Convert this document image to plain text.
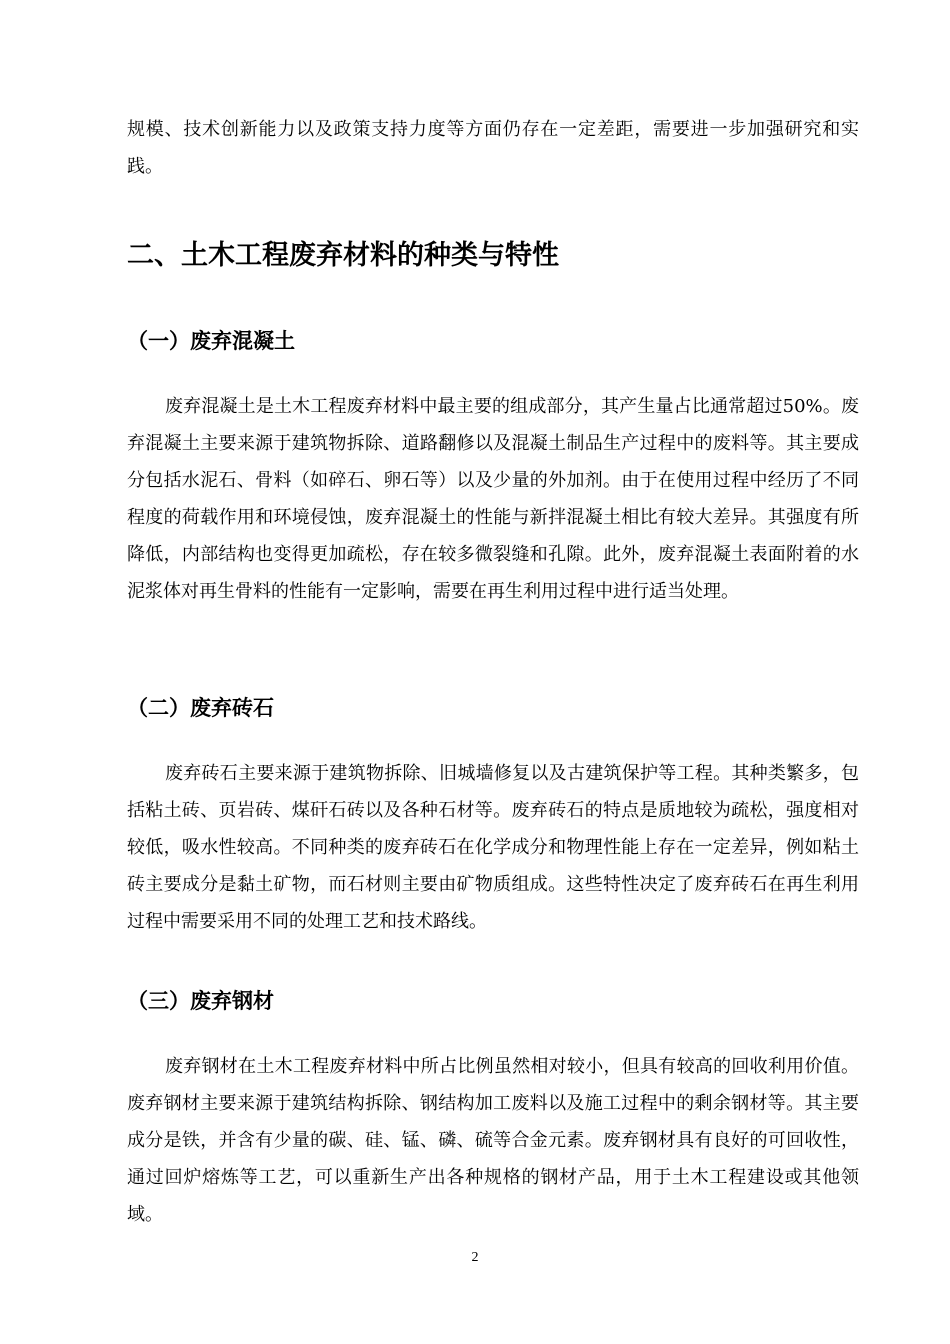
规模、技术创新能力以及政策支持力度等方面仍存在一定差距，需要进一步加强研究和实践。

二、土木工程废弃材料的种类与特性
（一）废弃混凝土

废弃混凝土是土木工程废弃材料中最主要的组成部分，其产生量占比通常超过50%。废弃混凝土主要来源于建筑物拆除、道路翻修以及混凝土制品生产过程中的废料等。其主要成分包括水泥石、骨料（如碎石、卵石等）以及少量的外加剂。由于在使用过程中经历了不同程度的荷载作用和环境侵蚀，废弃混凝土的性能与新拌混凝土相比有较大差异。其强度有所降低，内部结构也变得更加疏松，存在较多微裂缝和孔隙。此外，废弃混凝土表面附着的水泥浆体对再生骨料的性能有一定影响，需要在再生利用过程中进行适当处理。

（二）废弃砖石

废弃砖石主要来源于建筑物拆除、旧城墙修复以及古建筑保护等工程。其种类繁多，包括粘土砖、页岩砖、煤矸石砖以及各种石材等。废弃砖石的特点是质地较为疏松，强度相对较低，吸水性较高。不同种类的废弃砖石在化学成分和物理性能上存在一定差异，例如粘土砖主要成分是黏土矿物，而石材则主要由矿物质组成。这些特性决定了废弃砖石在再生利用过程中需要采用不同的处理工艺和技术路线。

（三）废弃钢材

废弃钢材在土木工程废弃材料中所占比例虽然相对较小，但具有较高的回收利用价值。废弃钢材主要来源于建筑结构拆除、钢结构加工废料以及施工过程中的剩余钢材等。其主要成分是铁，并含有少量的碳、硅、锰、磷、硫等合金元素。废弃钢材具有良好的可回收性，通过回炉熔炼等工艺，可以重新生产出各种规格的钢材产品，用于土木工程建设或其他领域。

2
